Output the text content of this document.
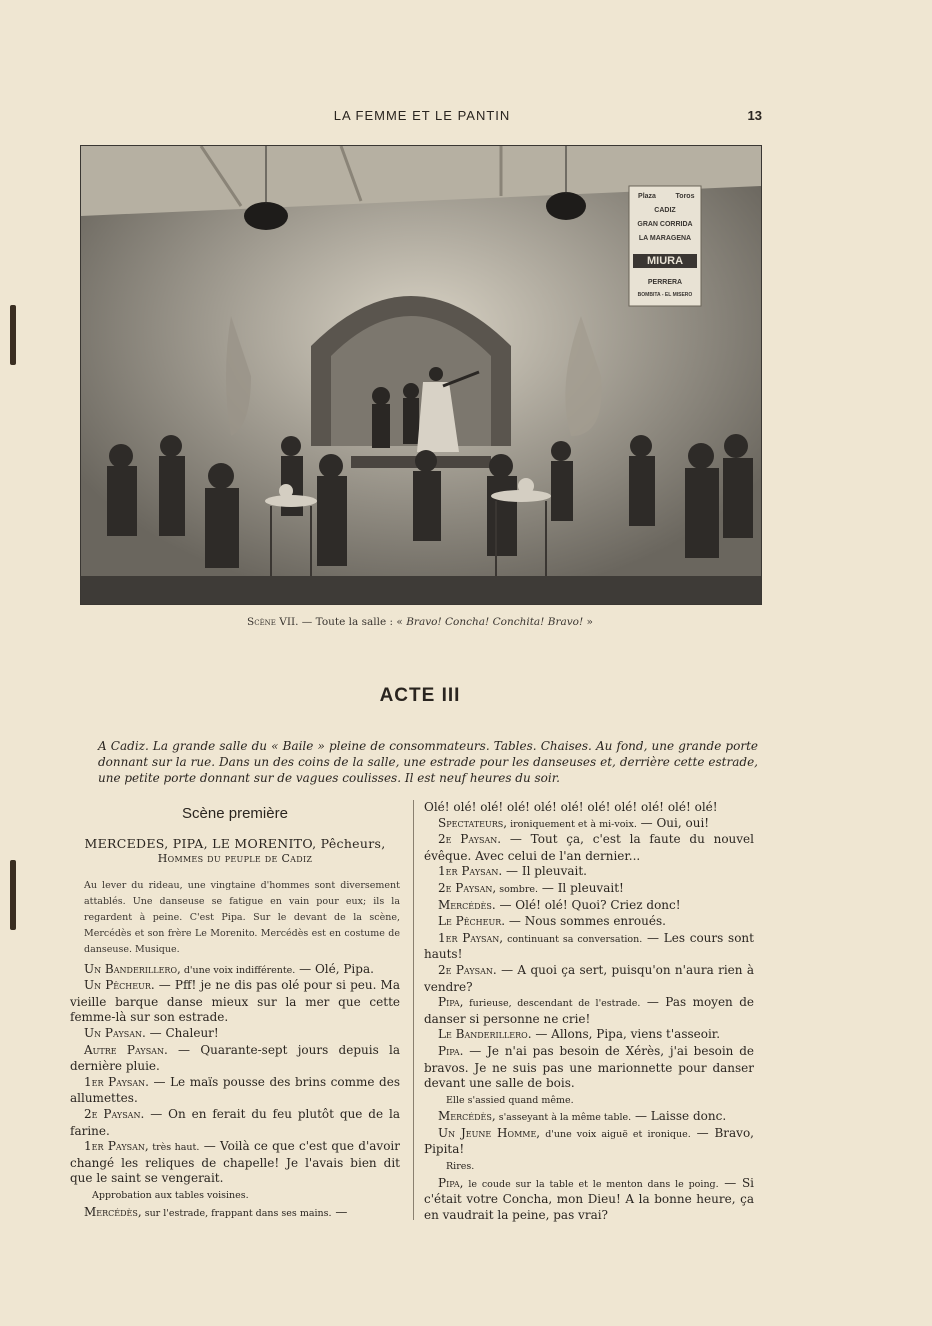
LA FEMME ET LE PANTIN	13
Plaza	Toros
CADIZ
GRAN CORRIDA
LA MARAGENA
MIURA
PERRERA
BOMBITA - EL MISERO
Scène VII. — Toute la salle : « Bravo! Concha! Conchita! Bravo! »
ACTE III
A Cadiz. La grande salle du « Baile » pleine de consommateurs. Tables. Chaises. Au fond, une grande porte donnant sur la rue. Dans un des coins de la salle, une estrade pour les danseuses et, derrière cette estrade, une petite porte donnant sur de vagues coulisses. Il est neuf heures du soir.
Scène première
MERCEDES, PIPA, LE MORENITO, Pêcheurs,
Hommes du peuple de Cadiz
Au lever du rideau, une vingtaine d'hommes sont diversement attablés. Une danseuse se fatigue en vain pour eux; ils la regardent à peine. C'est Pipa. Sur le devant de la scène, Mercédès et son frère Le Morenito. Mercédès est en costume de danseuse. Musique.

Un Banderillero, d'une voix indifférente. — Olé, Pipa.

Un Pêcheur. — Pff! je ne dis pas olé pour si peu. Ma vieille barque danse mieux sur la mer que cette femme-là sur son estrade.

Un Paysan. — Chaleur!

Autre Paysan. — Quarante-sept jours depuis la dernière pluie.

1er Paysan. — Le maïs pousse des brins comme des allumettes.

2e Paysan. — On en ferait du feu plutôt que de la farine.

1er Paysan, très haut. — Voilà ce que c'est que d'avoir changé les reliques de chapelle! Je l'avais bien dit que le saint se vengerait.

Approbation aux tables voisines.

Mercédès, sur l'estrade, frappant dans ses mains. —

Olé! olé! olé! olé! olé! olé! olé! olé! olé! olé! olé!

Spectateurs, ironiquement et à mi-voix. — Oui, oui!

2e Paysan. — Tout ça, c'est la faute du nouvel évêque. Avec celui de l'an dernier...

1er Paysan. — Il pleuvait.

2e Paysan, sombre. — Il pleuvait!

Mercédès. — Olé! olé! Quoi? Criez donc!

Le Pêcheur. — Nous sommes enroués.

1er Paysan, continuant sa conversation. — Les cours sont hauts!

2e Paysan. — A quoi ça sert, puisqu'on n'aura rien à vendre?

Pipa, furieuse, descendant de l'estrade. — Pas moyen de danser si personne ne crie!

Le Banderillero. — Allons, Pipa, viens t'asseoir.

Pipa. — Je n'ai pas besoin de Xérès, j'ai besoin de bravos. Je ne suis pas une marionnette pour danser devant une salle de bois.

Elle s'assied quand même.

Mercédès, s'asseyant à la même table. — Laisse donc.

Un Jeune Homme, d'une voix aiguë et ironique. — Bravo, Pipita!

Rires.

Pipa, le coude sur la table et le menton dans le poing. — Si c'était votre Concha, mon Dieu! A la bonne heure, ça en vaudrait la peine, pas vrai?
